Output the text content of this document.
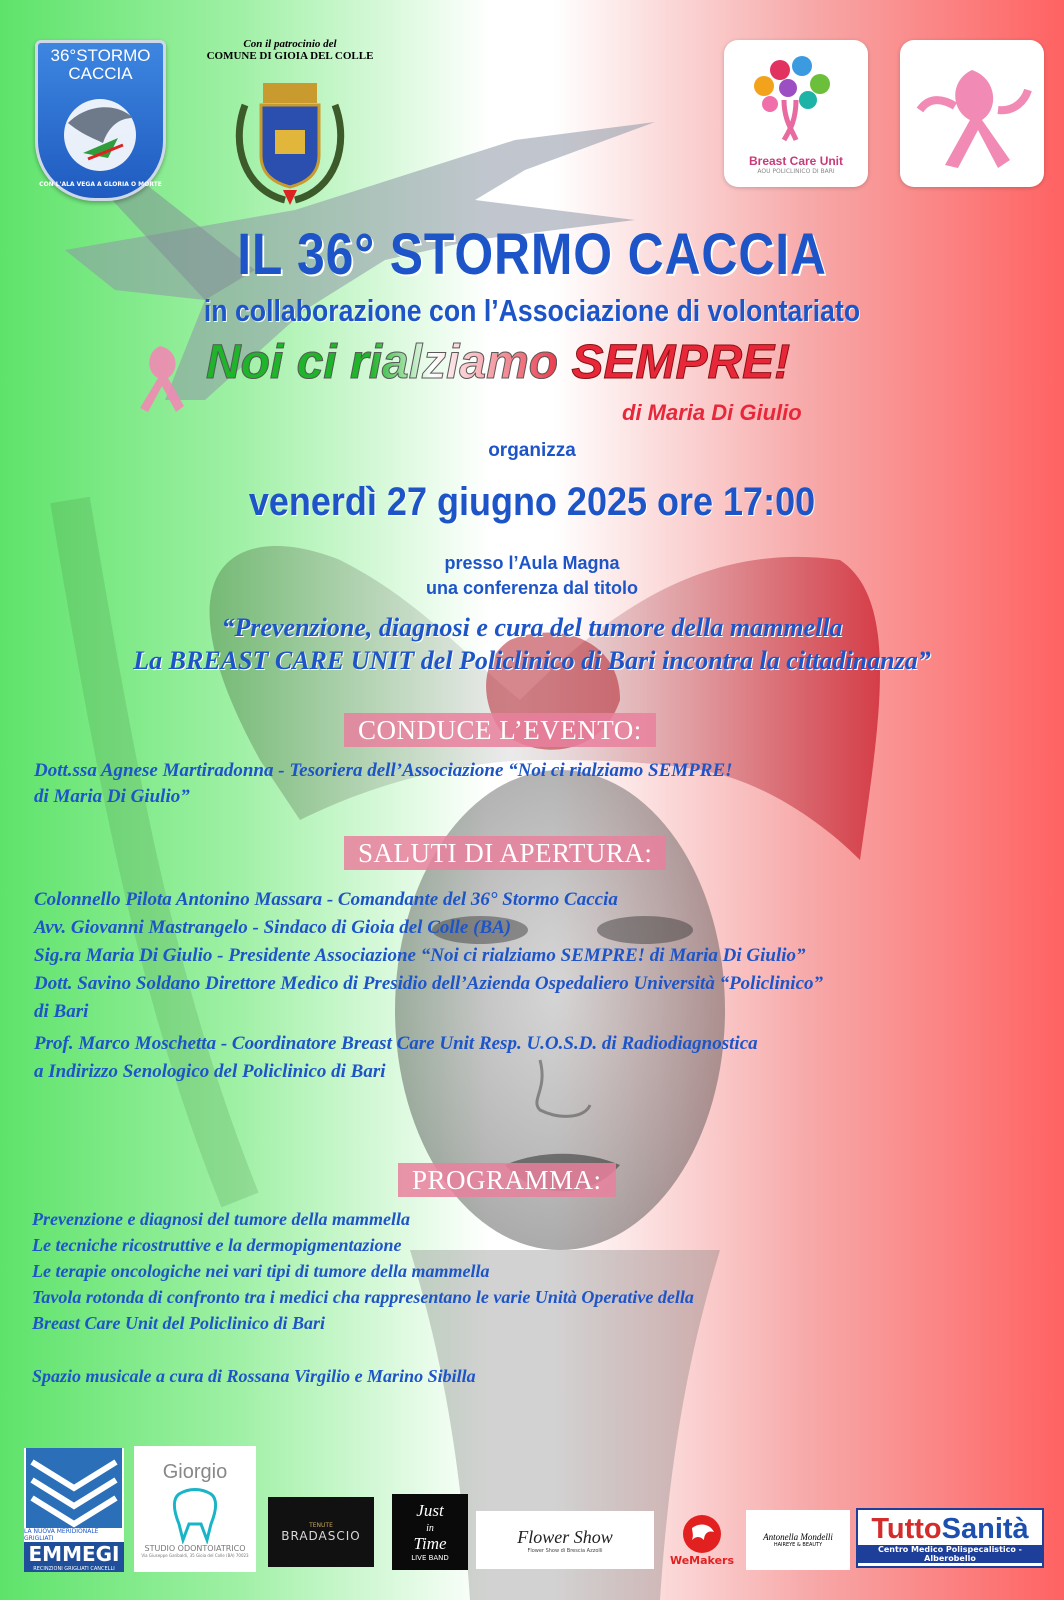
36°STORMO
CACCIA
CON L'ALA VEGA A GLORIA O MORTE
Con il patrocinio del
COMUNE DI GIOIA DEL COLLE
Breast Care Unit
AOU POLICLINICO DI BARI
IL 36° STORMO CACCIA
in collaborazione con l’Associazione di volontariato
Noi ci rialziamo SEMPRE!
di Maria Di Giulio
organizza
venerdì 27 giugno 2025 ore 17:00
presso l’Aula Magna
una conferenza dal titolo
“Prevenzione, diagnosi e cura del tumore della mammella
La BREAST CARE UNIT del Policlinico di Bari incontra la cittadinanza”
CONDUCE L’EVENTO:
Dott.ssa Agnese Martiradonna - Tesoriera dell’Associazione “Noi ci rialziamo SEMPRE!
di Maria Di Giulio”
SALUTI DI APERTURA:
Colonnello Pilota Antonino Massara - Comandante del 36° Stormo Caccia
Avv. Giovanni Mastrangelo - Sindaco di Gioia del Colle (BA)
Sig.ra Maria Di Giulio - Presidente Associazione “Noi ci rialziamo SEMPRE! di Maria Di Giulio”
Dott. Savino Soldano Direttore Medico di Presidio dell’Azienda Ospedaliero Università “Policlinico”
di Bari
Prof. Marco Moschetta - Coordinatore Breast Care Unit Resp. U.O.S.D. di Radiodiagnostica
a Indirizzo Senologico del Policlinico di Bari
PROGRAMMA:
Prevenzione e diagnosi del tumore della mammella
Le tecniche ricostruttive e la dermopigmentazione
Le terapie oncologiche nei vari tipi di tumore della mammella
Tavola rotonda di confronto tra i medici cha rappresentano le varie Unità Operative della
Breast Care Unit del Policlinico di Bari
Spazio musicale a cura di Rossana Virgilio e Marino Sibilla
LA NUOVA MERIDIONALE GRIGLIATI
EMMEGI
RECINZIONI GRIGLIATI CANCELLI
Giorgio
STUDIO ODONTOIATRICO
Via Giuseppe Garibaldi, 35 Gioia del Colle (BA) 70023
TENUTE
BRADASCIO
Just
in
Time
LIVE BAND
Flower Show
Flower Show di Brescia Azzolli
WeMakers
Antonella Mondelli
HAIREYE & BEAUTY TuttoSanità
Centro Medico Polispecalistico - Alberobello
